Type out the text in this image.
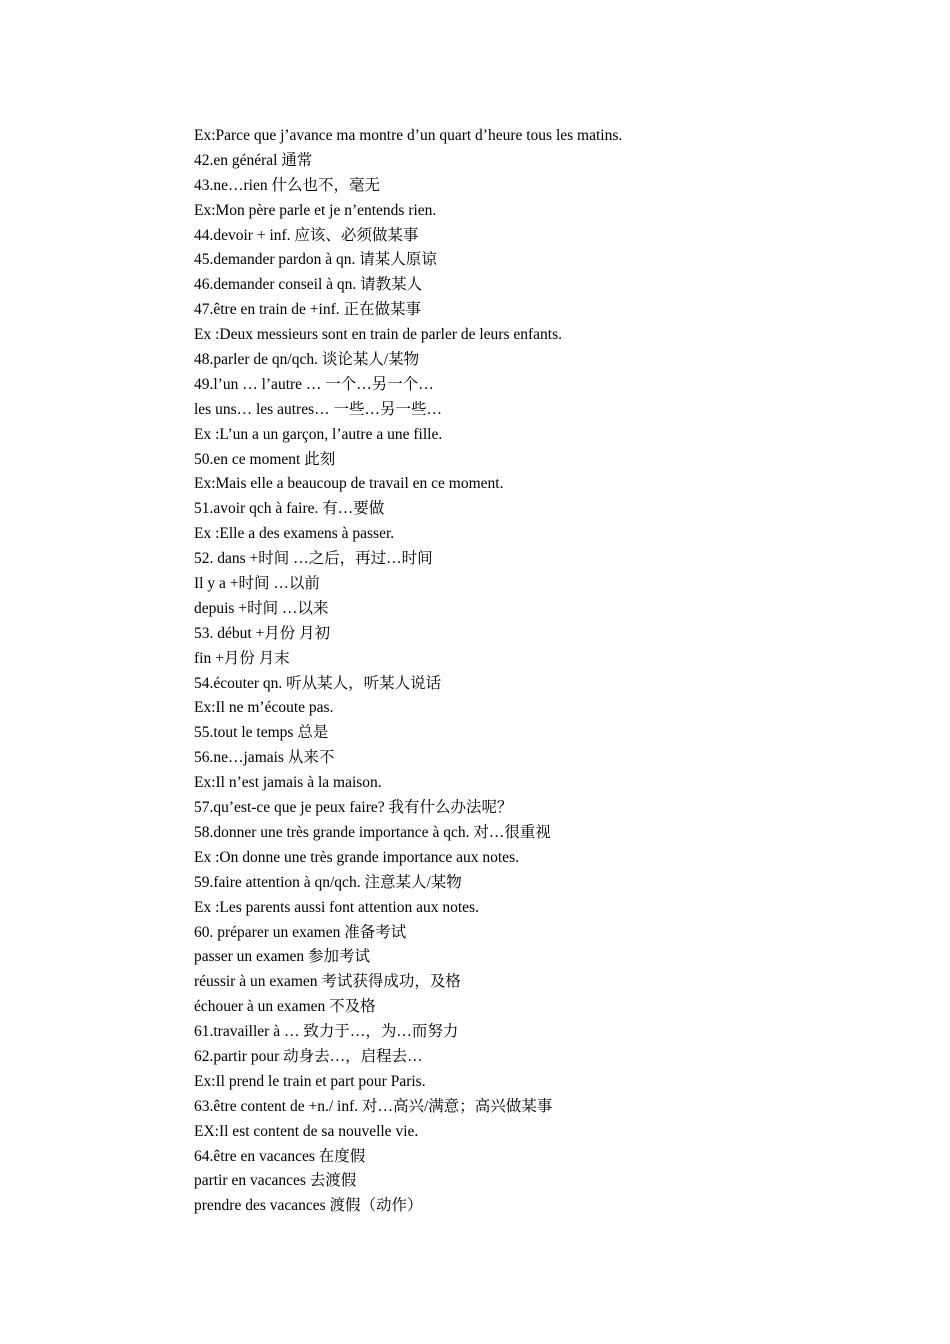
Ex:Parce que j’avance ma montre d’un quart d’heure tous les matins.
42.en général 通常
43.ne…rien 什么也不，毫无
Ex:Mon père parle et je n’entends rien.
44.devoir + inf. 应该、必须做某事
45.demander pardon à qn. 请某人原谅
46.demander conseil à qn. 请教某人
47.être en train de +inf. 正在做某事
Ex :Deux messieurs sont en train de parler de leurs enfants.
48.parler de qn/qch. 谈论某人/某物
49.l’un … l’autre … 一个…另一个…
les uns… les autres… 一些…另一些…
Ex :L’un a un garçon, l’autre a une fille.
50.en ce moment 此刻
Ex:Mais elle a beaucoup de travail en ce moment.
51.avoir qch à faire. 有…要做
Ex :Elle a des examens à passer.
52. dans +时间 …之后，再过…时间
Il y a +时间 …以前
depuis +时间 …以来
53. début +月份 月初
fin +月份 月末
54.écouter qn. 听从某人，听某人说话
Ex:Il ne m’écoute pas.
55.tout le temps 总是
56.ne…jamais 从来不
Ex:Il n’est jamais à la maison.
57.qu’est-ce que je peux faire? 我有什么办法呢？
58.donner une très grande importance à qch. 对…很重视
Ex :On donne une très grande importance aux notes.
59.faire attention à qn/qch. 注意某人/某物
Ex :Les parents aussi font attention aux notes.
60. préparer un examen 准备考试
passer un examen 参加考试
réussir à un examen 考试获得成功，及格
échouer à un examen 不及格
61.travailler à … 致力于…，为…而努力
62.partir pour 动身去…，启程去…
Ex:Il prend le train et part pour Paris.
63.être content de +n./ inf. 对…高兴/满意；高兴做某事
EX:Il est content de sa nouvelle vie.
64.être en vacances 在度假
partir en vacances 去渡假
prendre des vacances 渡假（动作）
